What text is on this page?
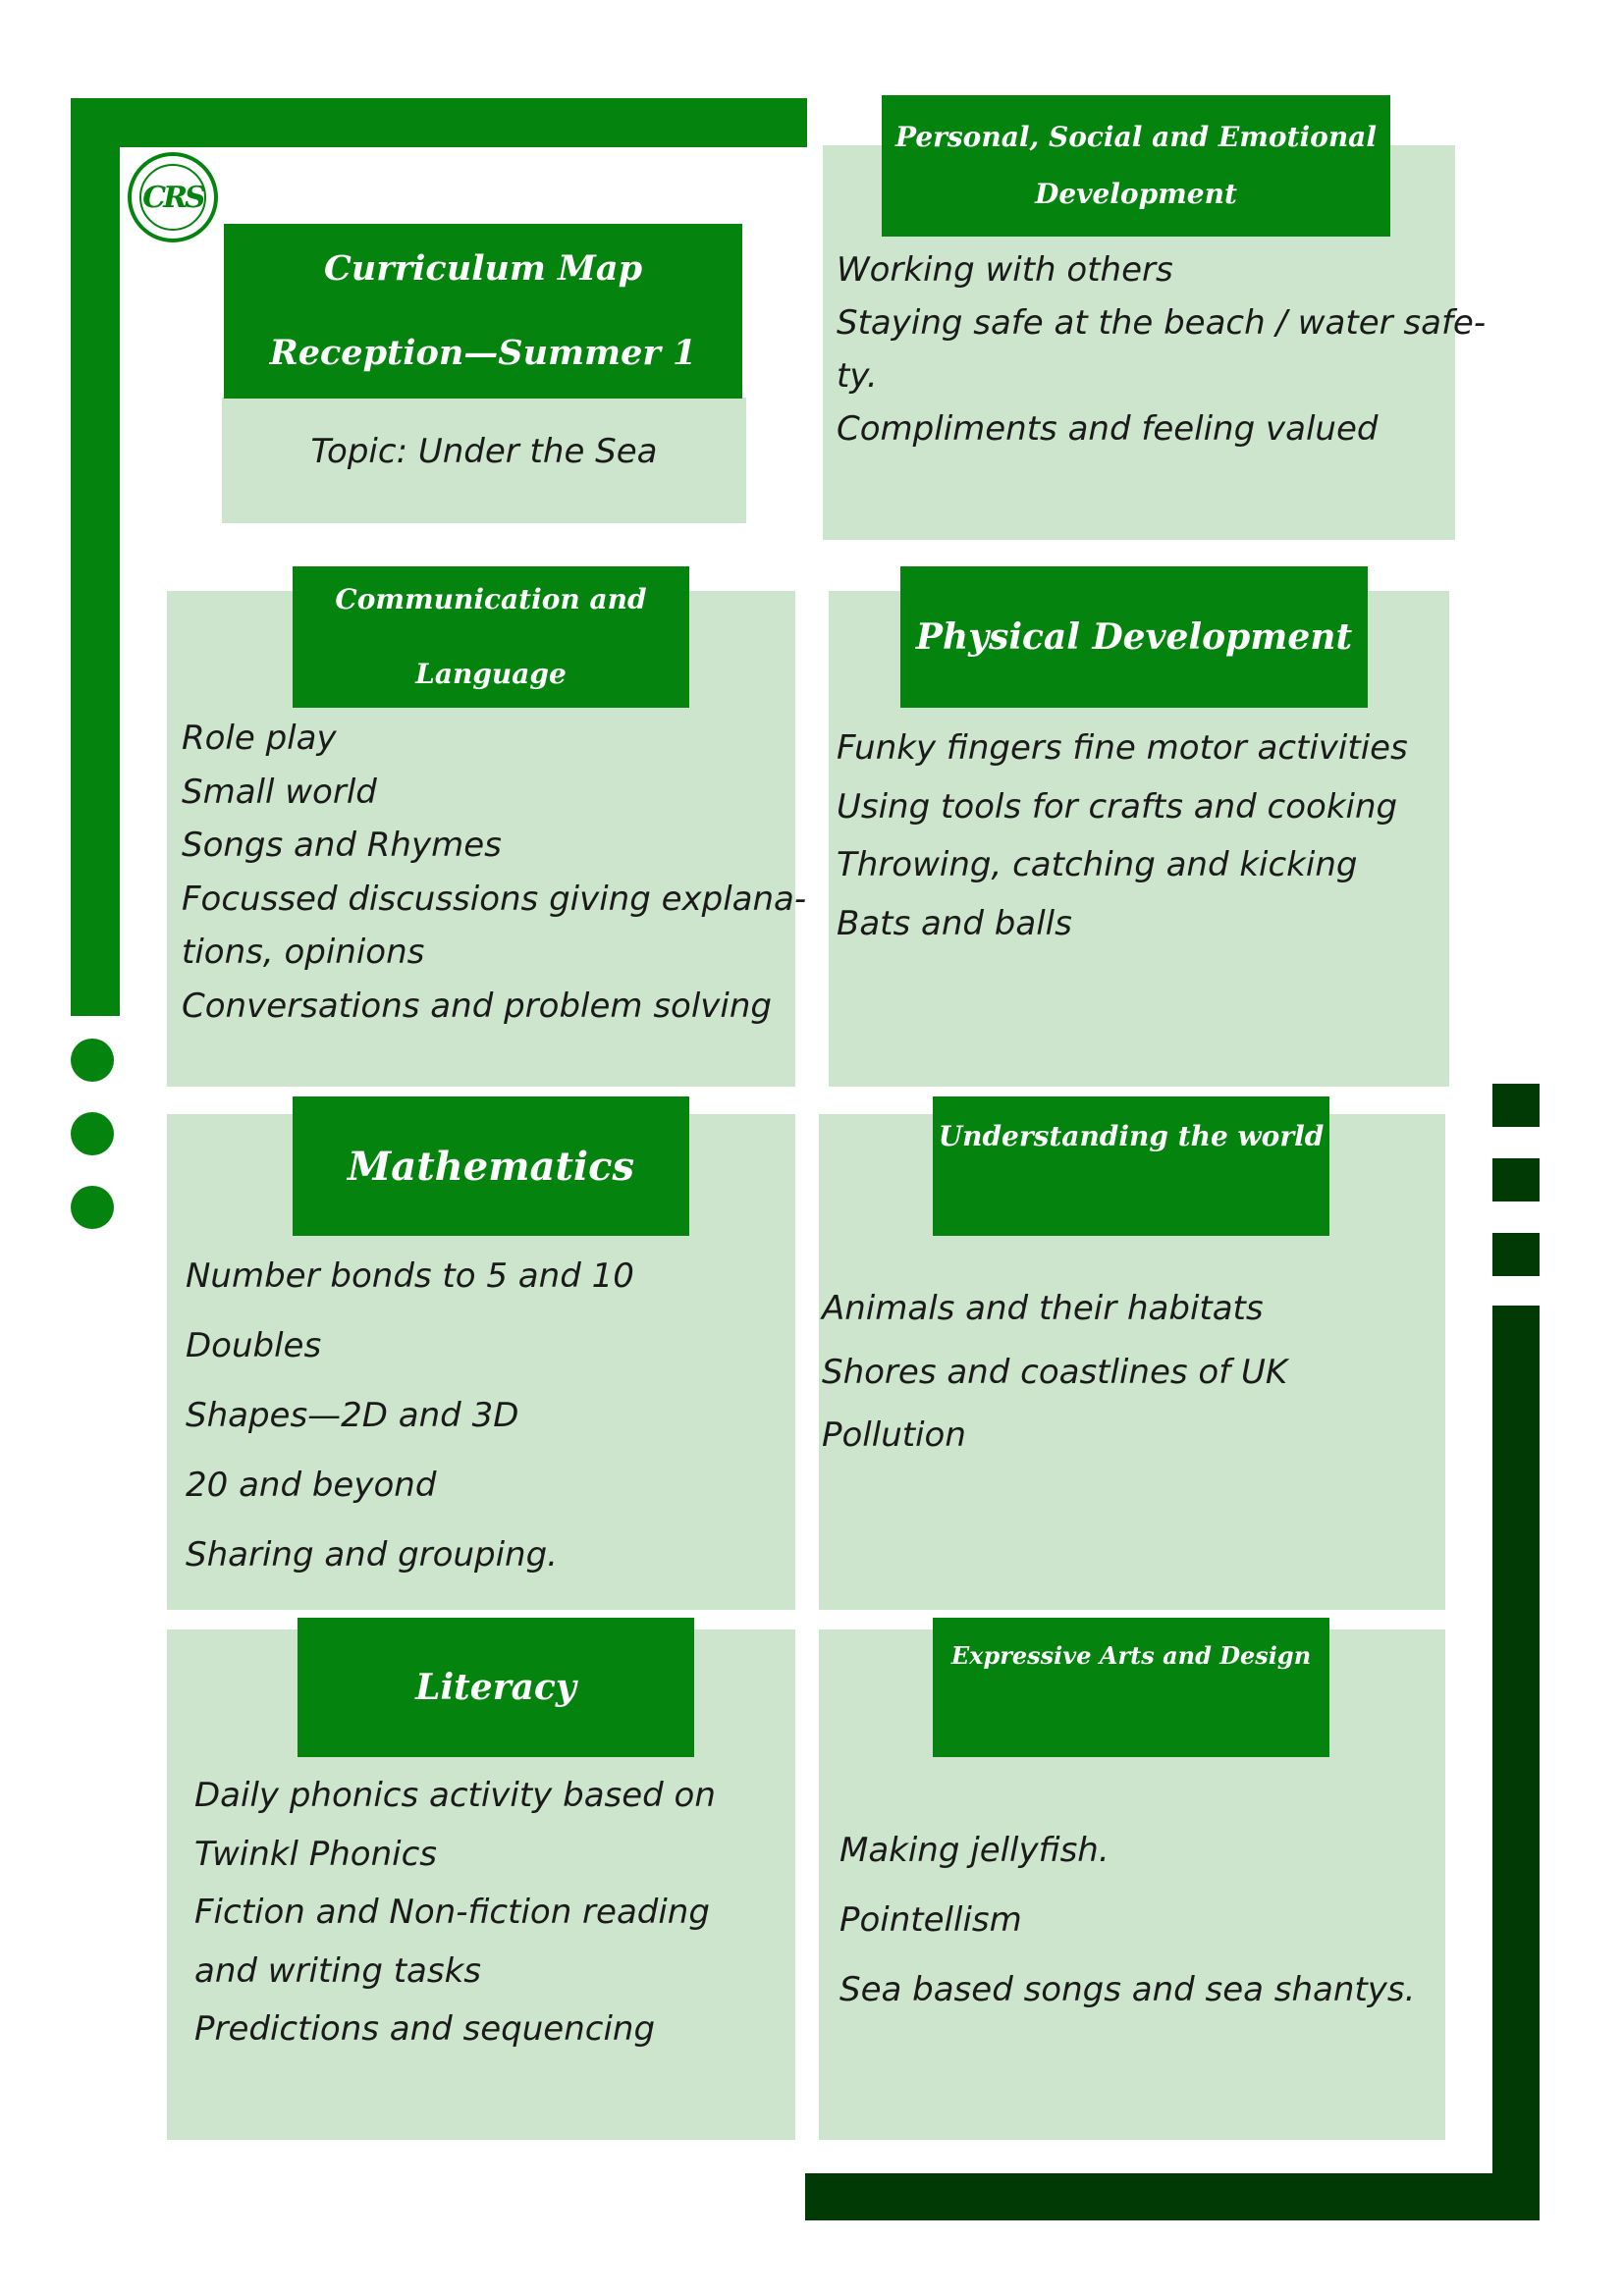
CRS
Curriculum Map
Reception—Summer 1
Topic: Under the Sea
Personal, Social and Emotional
Development
Working with others
Staying safe at the beach / water safe-
ty.
Compliments and feeling valued
Communication and
Language
Role play
Small world
Songs and Rhymes
Focussed discussions giving explana-
tions, opinions
Conversations and problem solving
Physical Development
Funky fingers fine motor activities
Using tools for crafts and cooking
Throwing, catching and kicking
Bats and balls
Mathematics
Number bonds to 5 and 10
Doubles
Shapes—2D and 3D
20 and beyond
Sharing and grouping.
Understanding the world
Animals and their habitats
Shores and coastlines of UK
Pollution
Literacy
Daily phonics activity based on
Twinkl Phonics
Fiction and Non-fiction reading
and writing tasks
Predictions and sequencing
Expressive Arts and Design
Making jellyfish.
Pointellism
Sea based songs and sea shantys.
